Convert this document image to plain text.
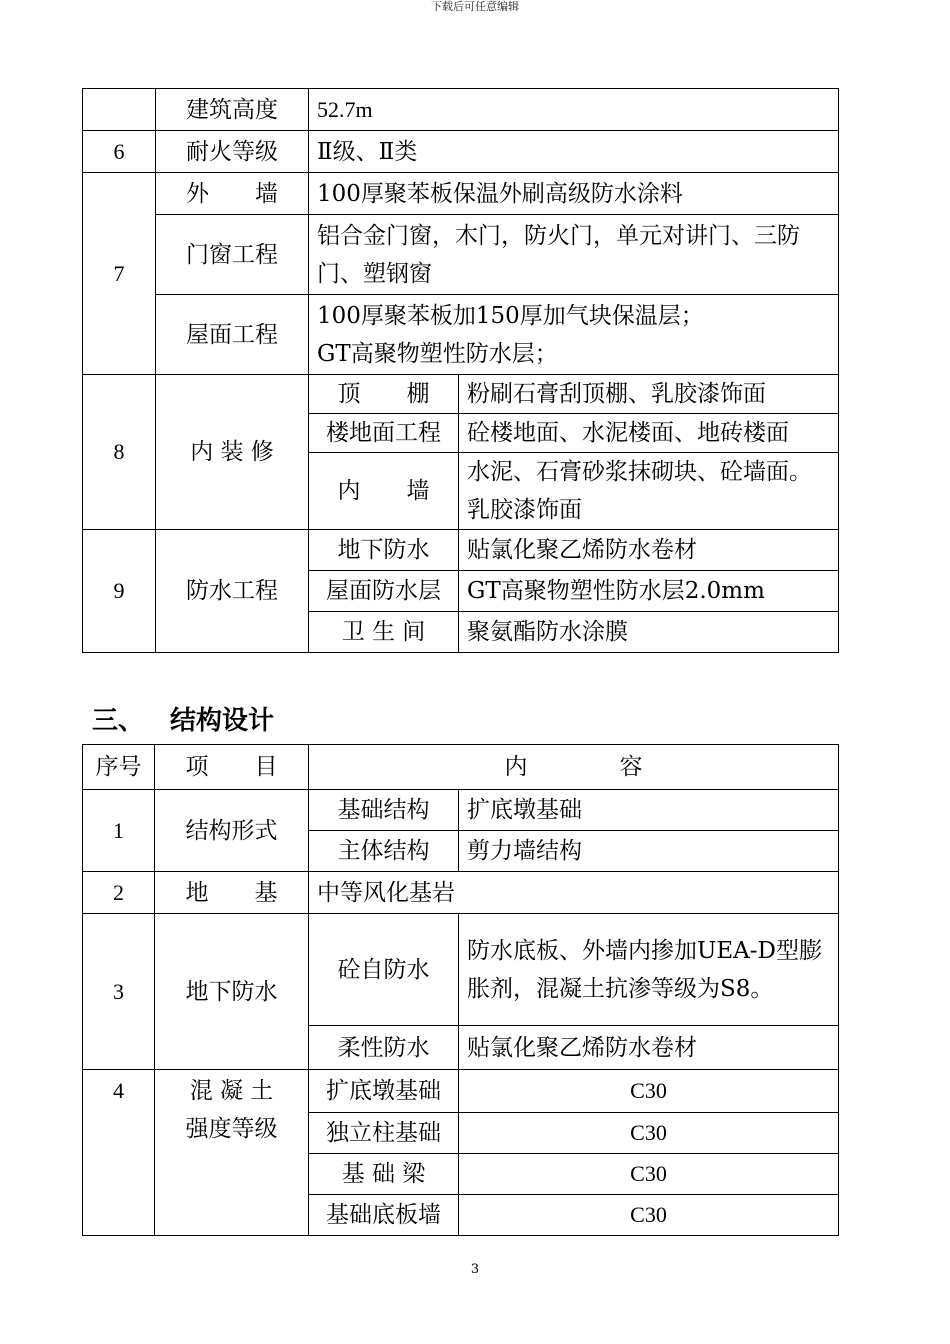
下载后可任意编辑
	建筑高度	52.7m	
6	耐火等级	Ⅱ级、Ⅱ类	
7	外　　墙	100厚聚苯板保温外刷高级防水涂料	
	门窗工程	铝合金门窗，木门，防火门，单元对讲门、三防门、塑钢窗	
	屋面工程	100厚聚苯板加150厚加气块保温层；
GT高聚物塑性防水层；	

8	内 装 修	顶　　棚	粉刷石膏刮顶棚、乳胶漆饰面
		楼地面工程	砼楼地面、水泥楼面、地砖楼面
		内　　墙	水泥、石膏砂浆抹砌块、砼墙面。乳胶漆饰面
9	防水工程	地下防水	贴氯化聚乙烯防水卷材
		屋面防水层	GT高聚物塑性防水层2.0mm
		卫 生 间	聚氨酯防水涂膜
三、 结构设计
序号	项　　目	内　　　　容	
1	结构形式	基础结构	扩底墩基础
		主体结构	剪力墙结构
2	地　　基	中等风化基岩	
3	地下防水	砼自防水	防水底板、外墙内掺加UEA-D型膨胀剂，混凝土抗渗等级为S8。
		柔性防水	贴氯化聚乙烯防水卷材
4	混 凝 土
强度等级	扩底墩基础	C30
		独立柱基础	C30
		基 础 梁	C30
		基础底板墙	C30
3
